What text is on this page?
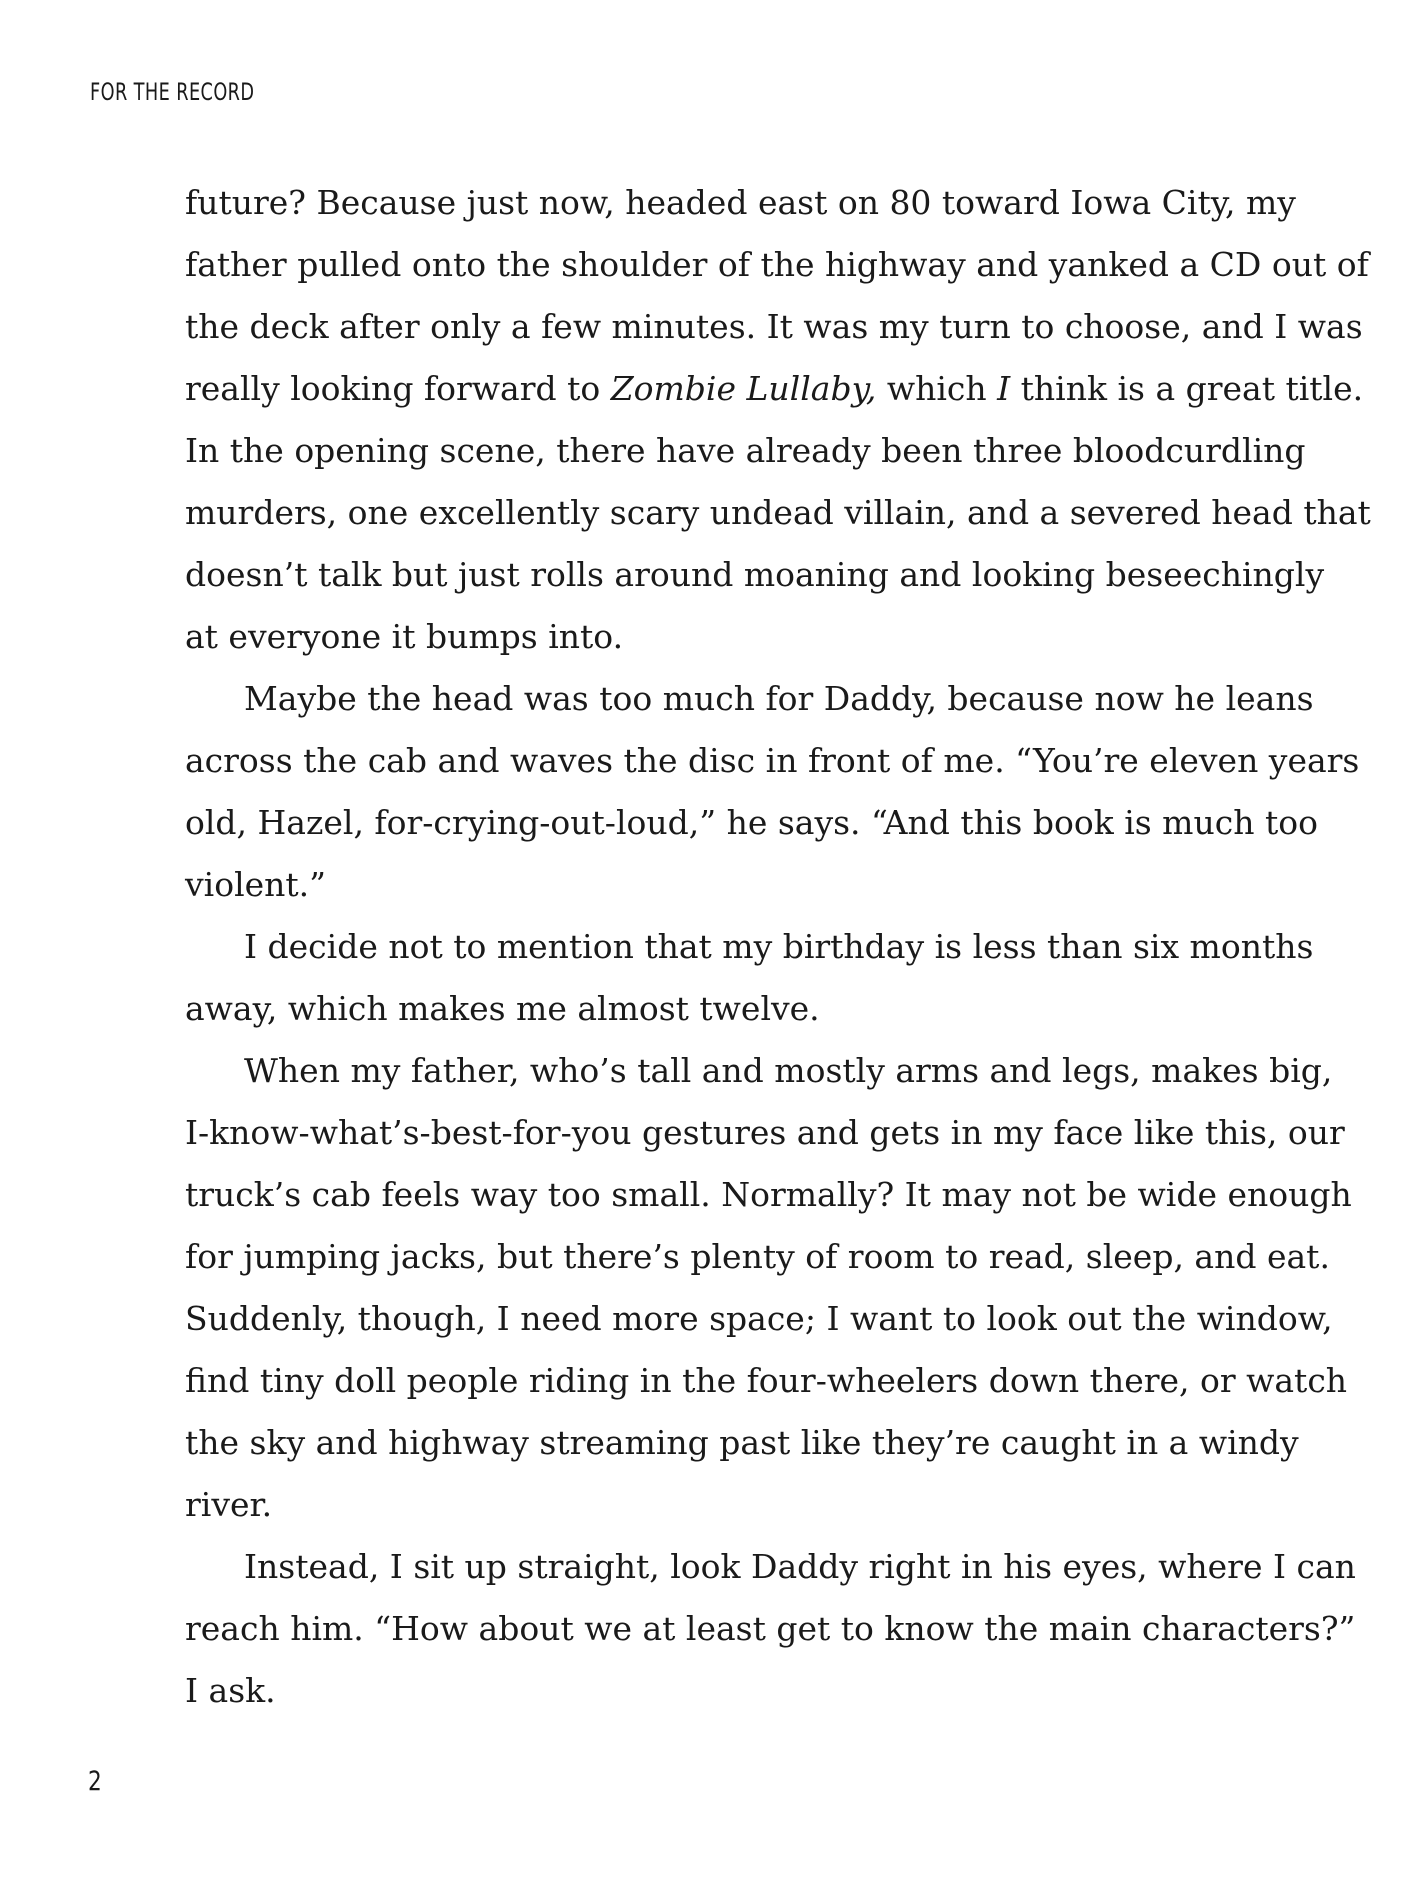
FOR THE RECORD
future? Because just now, headed east on 80 toward Iowa City, my
father pulled onto the shoulder of the highway and yanked a CD out of
the deck after only a few minutes. It was my turn to choose, and I was
really looking forward to Zombie Lullaby, which I think is a great title.
In the opening scene, there have already been three bloodcurdling
murders, one excellently scary undead villain, and a severed head that
doesn’t talk but just rolls around moaning and looking beseechingly
at everyone it bumps into.
Maybe the head was too much for Daddy, because now he leans
across the cab and waves the disc in front of me. “You’re eleven years
old, Hazel, for-crying-out-loud,” he says. “And this book is much too
violent.”
I decide not to mention that my birthday is less than six months
away, which makes me almost twelve.
When my father, who’s tall and mostly arms and legs, makes big,
I-know-what’s-best-for-you gestures and gets in my face like this, our
truck’s cab feels way too small. Normally? It may not be wide enough
for jumping jacks, but there’s plenty of room to read, sleep, and eat.
Suddenly, though, I need more space; I want to look out the window,
find tiny doll people riding in the four-wheelers down there, or watch
the sky and highway streaming past like they’re caught in a windy
river.
Instead, I sit up straight, look Daddy right in his eyes, where I can
reach him. “How about we at least get to know the main characters?”
I ask.
2
